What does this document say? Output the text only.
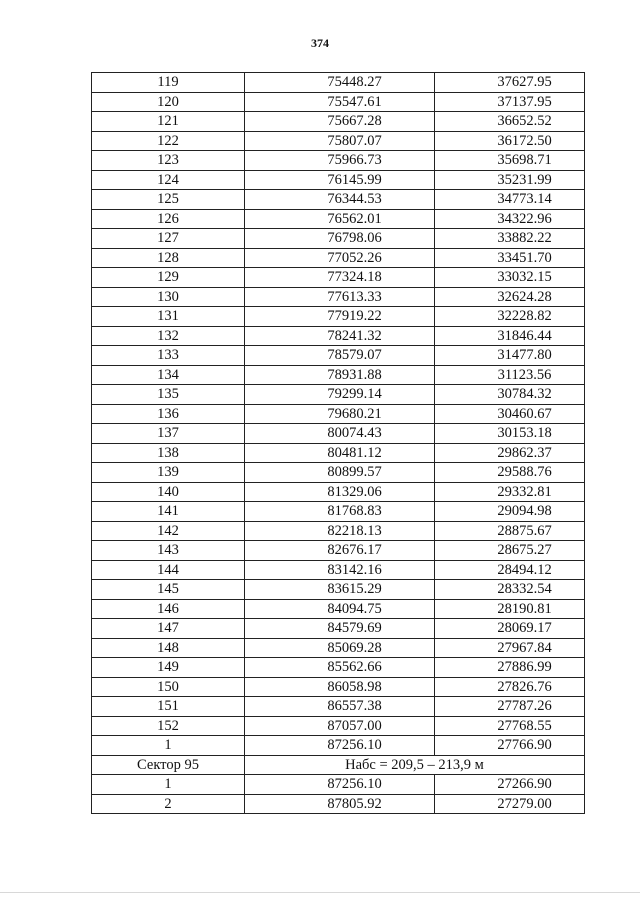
374
119	75448.27	37627.95
120	75547.61	37137.95
121	75667.28	36652.52
122	75807.07	36172.50
123	75966.73	35698.71
124	76145.99	35231.99
125	76344.53	34773.14
126	76562.01	34322.96
127	76798.06	33882.22
128	77052.26	33451.70
129	77324.18	33032.15
130	77613.33	32624.28
131	77919.22	32228.82
132	78241.32	31846.44
133	78579.07	31477.80
134	78931.88	31123.56
135	79299.14	30784.32
136	79680.21	30460.67
137	80074.43	30153.18
138	80481.12	29862.37
139	80899.57	29588.76
140	81329.06	29332.81
141	81768.83	29094.98
142	82218.13	28875.67
143	82676.17	28675.27
144	83142.16	28494.12
145	83615.29	28332.54
146	84094.75	28190.81
147	84579.69	28069.17
148	85069.28	27967.84
149	85562.66	27886.99
150	86058.98	27826.76
151	86557.38	27787.26
152	87057.00	27768.55
1	87256.10	27766.90
Сектор 95	Набс = 209,5 – 213,9 м	
1	87256.10	27266.90
2	87805.92	27279.00
